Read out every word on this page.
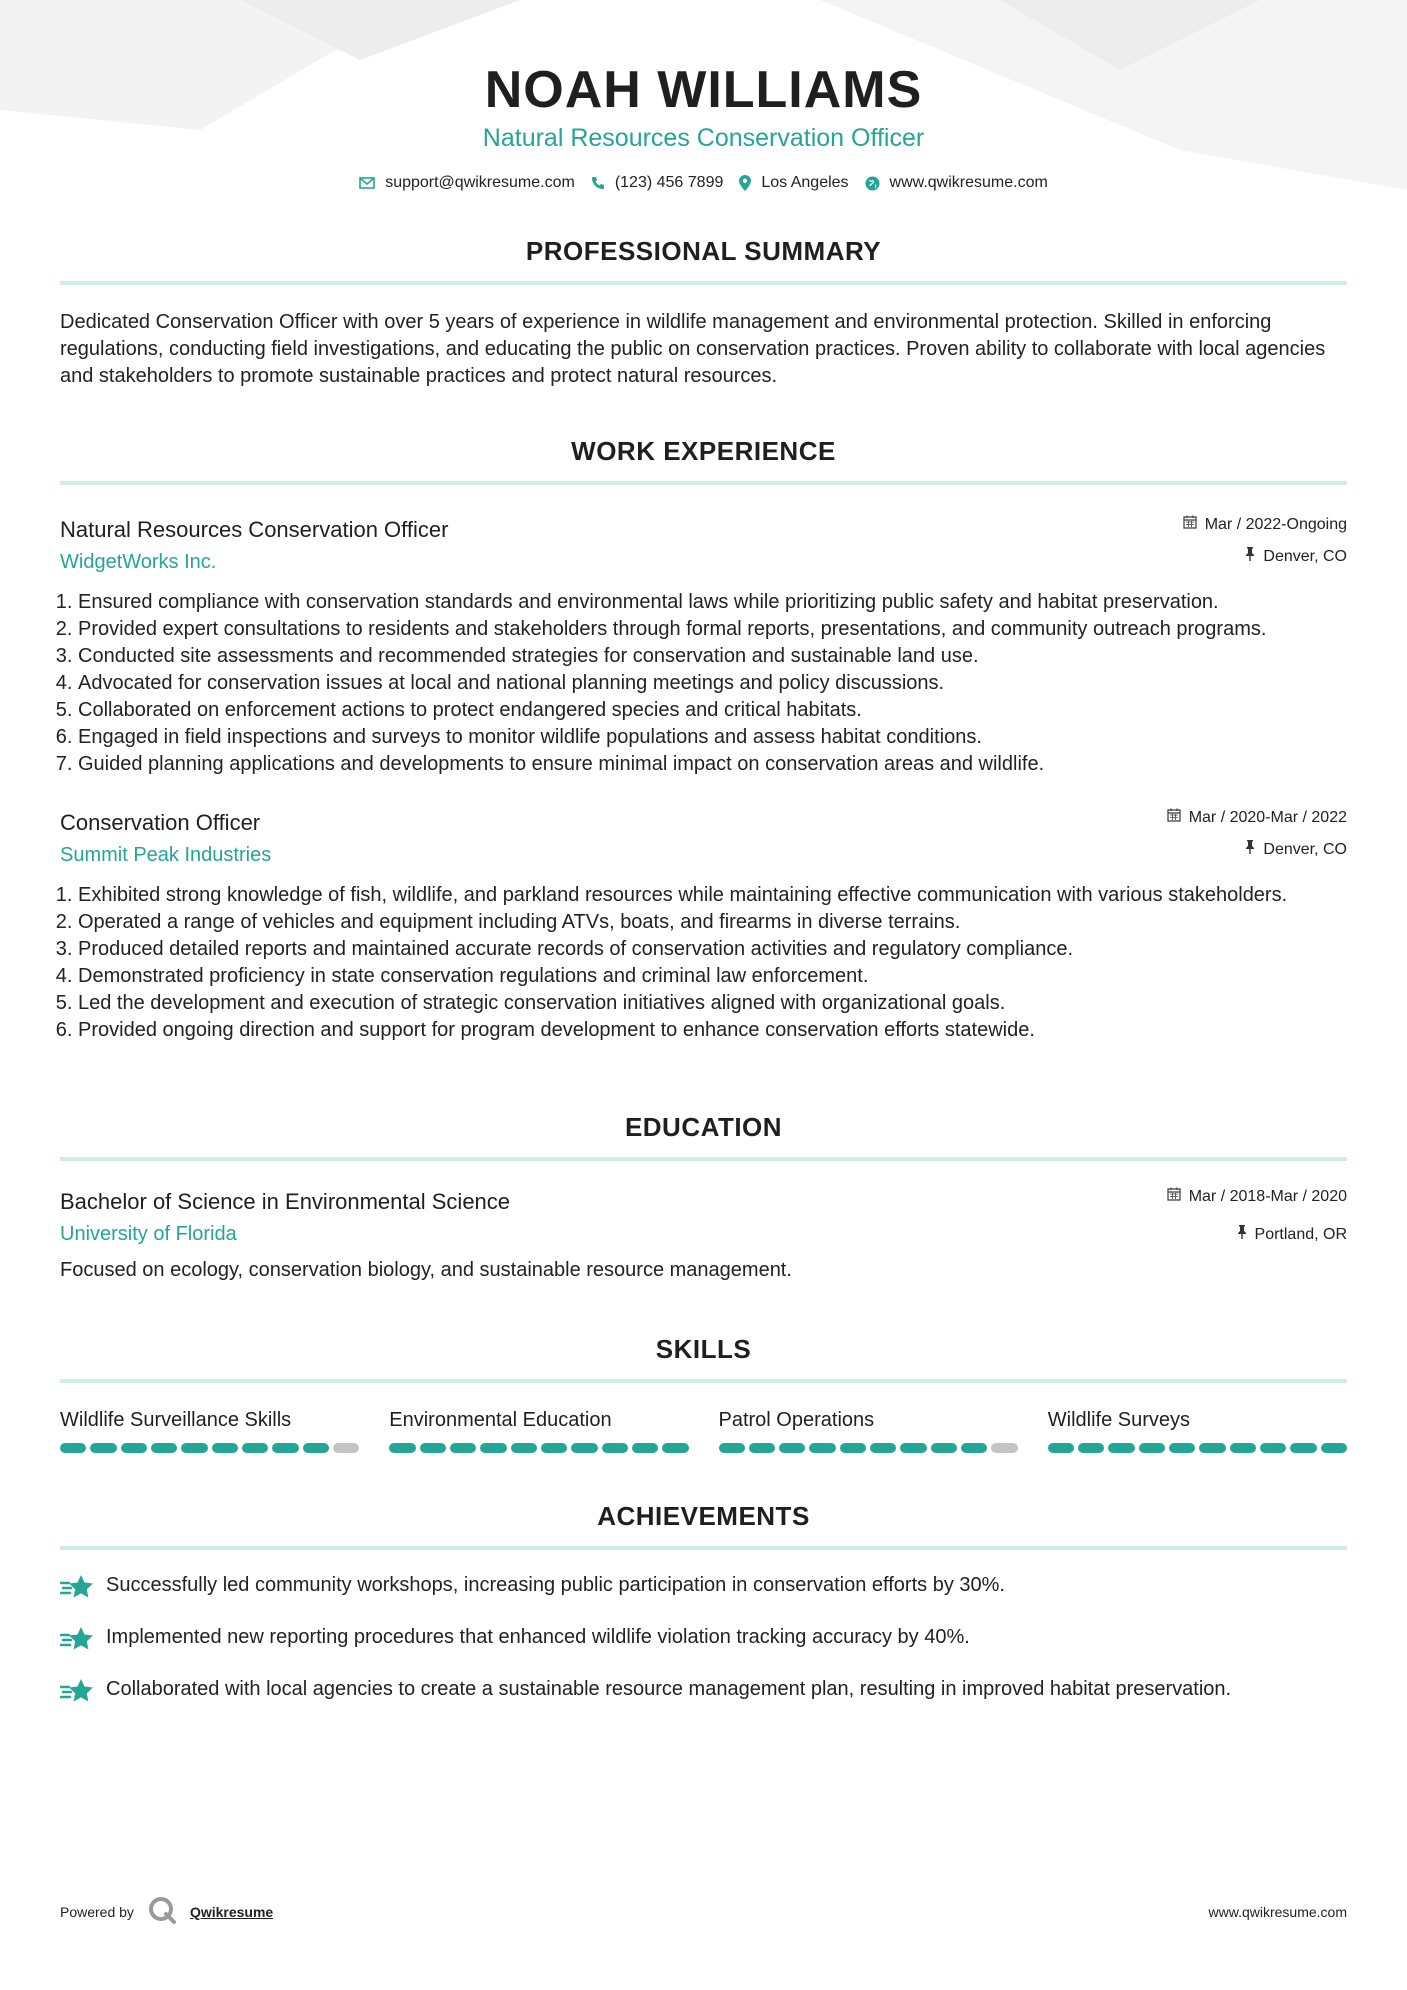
NOAH WILLIAMS
Natural Resources Conservation Officer
support@qwikresume.com	(123) 456 7899 Los Angeles	www.qwikresume.com
PROFESSIONAL SUMMARY
Dedicated Conservation Officer with over 5 years of experience in wildlife management and environmental protection. Skilled in enforcing regulations, conducting field investigations, and educating the public on conservation practices. Proven ability to collaborate with local agencies and stakeholders to promote sustainable practices and protect natural resources.
WORK EXPERIENCE
Natural Resources Conservation Officer
WidgetWorks Inc.
Mar / 2022-Ongoing
Denver, CO
1. Ensured compliance with conservation standards and environmental laws while prioritizing public safety and habitat preservation.
2. Provided expert consultations to residents and stakeholders through formal reports, presentations, and community outreach programs.
3. Conducted site assessments and recommended strategies for conservation and sustainable land use.
4. Advocated for conservation issues at local and national planning meetings and policy discussions.
5. Collaborated on enforcement actions to protect endangered species and critical habitats.
6. Engaged in field inspections and surveys to monitor wildlife populations and assess habitat conditions.
7. Guided planning applications and developments to ensure minimal impact on conservation areas and wildlife.
Conservation Officer
Summit Peak Industries
Mar / 2020-Mar / 2022
Denver, CO
1. Exhibited strong knowledge of fish, wildlife, and parkland resources while maintaining effective communication with various stakeholders.
2. Operated a range of vehicles and equipment including ATVs, boats, and firearms in diverse terrains.
3. Produced detailed reports and maintained accurate records of conservation activities and regulatory compliance.
4. Demonstrated proficiency in state conservation regulations and criminal law enforcement.
5. Led the development and execution of strategic conservation initiatives aligned with organizational goals.
6. Provided ongoing direction and support for program development to enhance conservation efforts statewide.
EDUCATION
Bachelor of Science in Environmental Science
University of Florida
Mar / 2018-Mar / 2020
Portland, OR
Focused on ecology, conservation biology, and sustainable resource management.
SKILLS
Wildlife Surveillance Skills	Environmental Education	Patrol Operations	Wildlife Surveys
ACHIEVEMENTS
Successfully led community workshops, increasing public participation in conservation efforts by 30%.
Implemented new reporting procedures that enhanced wildlife violation tracking accuracy by 40%.
Collaborated with local agencies to create a sustainable resource management plan, resulting in improved habitat preservation.
Powered by	Qwikresume	www.qwikresume.com
